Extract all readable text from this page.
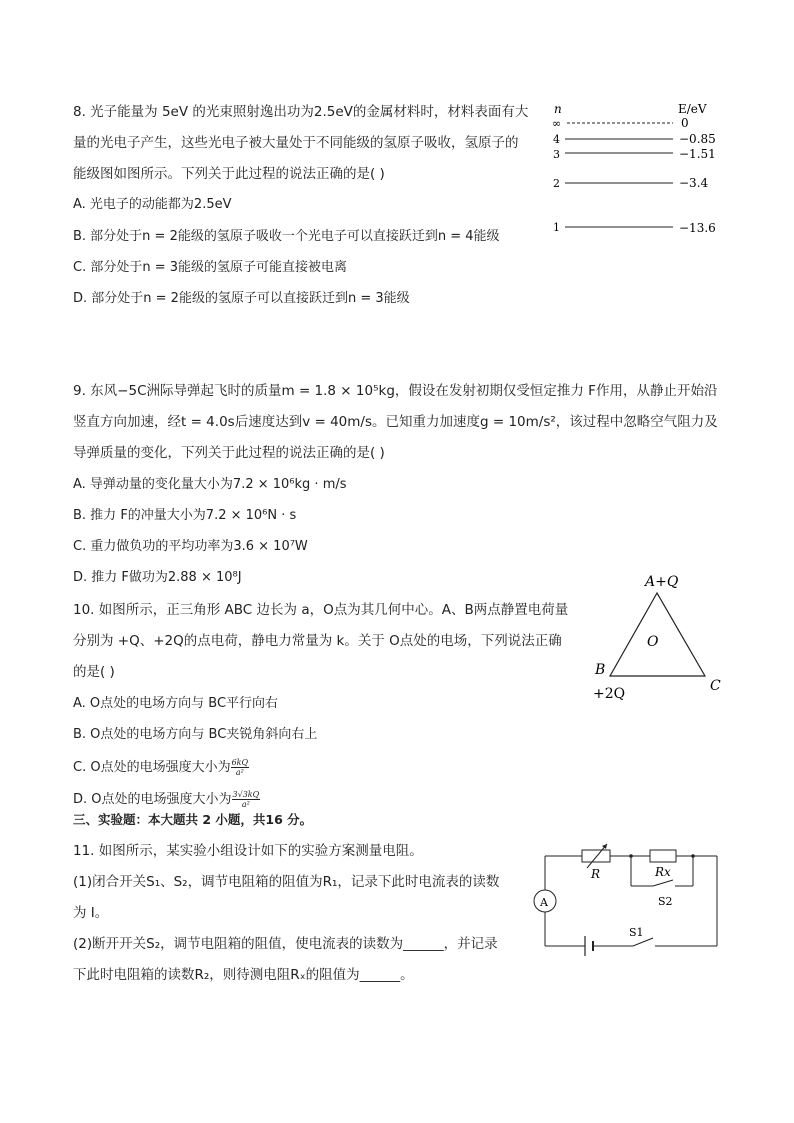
8. 光子能量为 5eV 的光束照射逸出功为2.5eV的金属材料时，材料表面有大
量的光电子产生，这些光电子被大量处于不同能级的氢原子吸收，氢原子的
能级图如图所示。下列关于此过程的说法正确的是( )
A. 光电子的动能都为2.5eV
B. 部分处于n = 2能级的氢原子吸收一个光电子可以直接跃迁到n = 4能级
C. 部分处于n = 3能级的氢原子可能直接被电离
D. 部分处于n = 2能级的氢原子可以直接跃迁到n = 3能级
n	E/eV
∞	0
4	−0.85
3	−1.51
2	−3.4
1	−13.6
9. 东风−5C洲际导弹起飞时的质量m = 1.8 × 10⁵kg，假设在发射初期仅受恒定推力 F作用，从静止开始沿
竖直方向加速，经t = 4.0s后速度达到v = 40m/s。已知重力加速度g = 10m/s²，该过程中忽略空气阻力及
导弹质量的变化，下列关于此过程的说法正确的是( )
A. 导弹动量的变化量大小为7.2 × 10⁶kg · m/s
B. 推力 F的冲量大小为7.2 × 10⁶N · s
C. 重力做负功的平均功率为3.6 × 10⁷W
D. 推力 F做功为2.88 × 10⁸J
10. 如图所示，正三角形 ABC 边长为 a，O点为其几何中心。A、B两点静置电荷量
分别为 +Q、+2Q的点电荷，静电力常量为 k。关于 O点处的电场，下列说法正确
的是( )
A. O点处的电场方向与 BC平行向右
B. O点处的电场方向与 BC夹锐角斜向右上
C. O点处的电场强度大小为 $\frac{6kQ}{\text{a²}}$
D. O点处的电场强度大小为 $\frac{3√3kQ}{\text{a²}}$
A+Q
O
B
+2Q	C
三、实验题：本大题共 2 小题，共16 分。
11. 如图所示，某实验小组设计如下的实验方案测量电阻。
(1)闭合开关S₁、S₂，调节电阻箱的阻值为R₁，记录下此时电流表的读数
为 I。
(2)断开开关S₂，调节电阻箱的阻值，使电流表的读数为______，并记录
下此时电阻箱的读数R₂，则待测电阻Rₓ的阻值为______。
A
R	Rx
S2
S1
